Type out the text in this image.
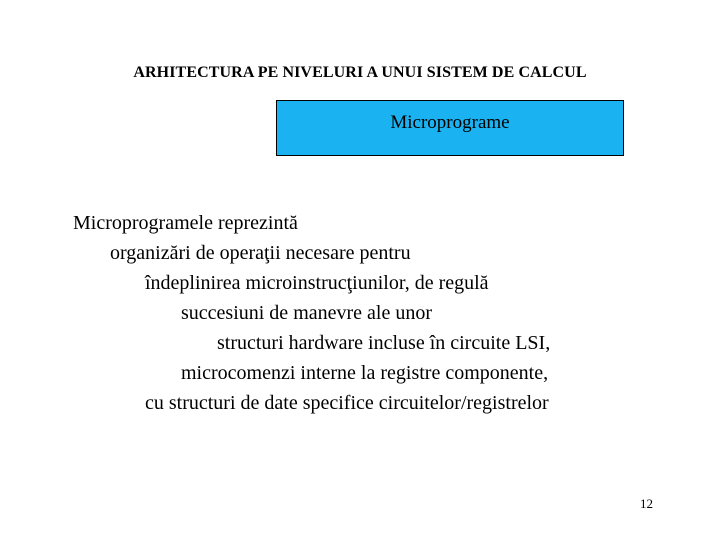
ARHITECTURA PE NIVELURI A UNUI SISTEM DE CALCUL
Microprograme
Microprogramele reprezintă
organizări de operaţii necesare pentru
îndeplinirea microinstrucţiunilor, de regulă
succesiuni de manevre ale unor
structuri hardware incluse în circuite LSI,
microcomenzi interne la registre componente,
cu structuri de date specifice circuitelor/registrelor
12
